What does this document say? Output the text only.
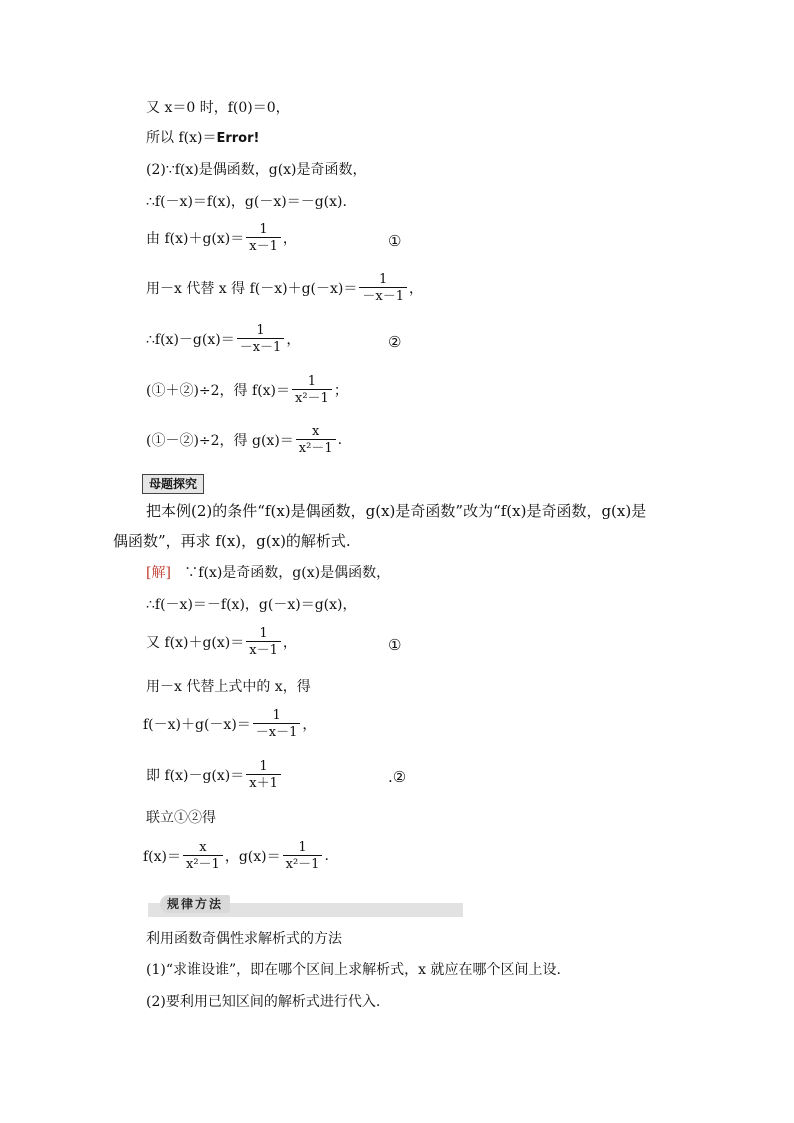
又 x＝0 时，f(0)＝0，
所以 f(x)＝Error!
(2)∵f(x)是偶函数，g(x)是奇函数，
∴f(－x)＝f(x)，g(－x)＝－g(x).
由 $f(x)+g(x)= \frac{1}{x-1}$ ，	①
用－x 代替 x 得 $f(-x)+g(-x)= \frac{1}{-x-1}$ ，
∴f(x)－g(x)＝ $\frac{1}{-x-1}$ ，	②
(①＋②)÷2，得 $f(x)= \frac{1}{\text{x²－1}}$ ；
(①－②)÷2，得 $g(x)= \frac{x}{\text{x²－1}}$ .
母题探究
把本例(2)的条件“f(x)是偶函数，g(x)是奇函数”改为“f(x)是奇函数，g(x)是
偶函数”，再求 f(x)，g(x)的解析式.
[解] ∵f(x)是奇函数，g(x)是偶函数，
∴f(－x)＝－f(x)，g(－x)＝g(x)，
又 $f(x)+g(x)= \frac{1}{x-1}$ ，	①
用－x 代替上式中的 x，得
$f(-x)+g(-x)= \frac{1}{-x-1}$ ，
即 $f(x)-g(x)= \frac{1}{x+1}$	.②
联立①②得
$f(x)= \frac{x}{\text{x²－1}}$ ，$g(x)= \frac{1}{\text{x²－1}}$ .
规律方法
利用函数奇偶性求解析式的方法
(1)“求谁设谁”，即在哪个区间上求解析式，x 就应在哪个区间上设.
(2)要利用已知区间的解析式进行代入.
